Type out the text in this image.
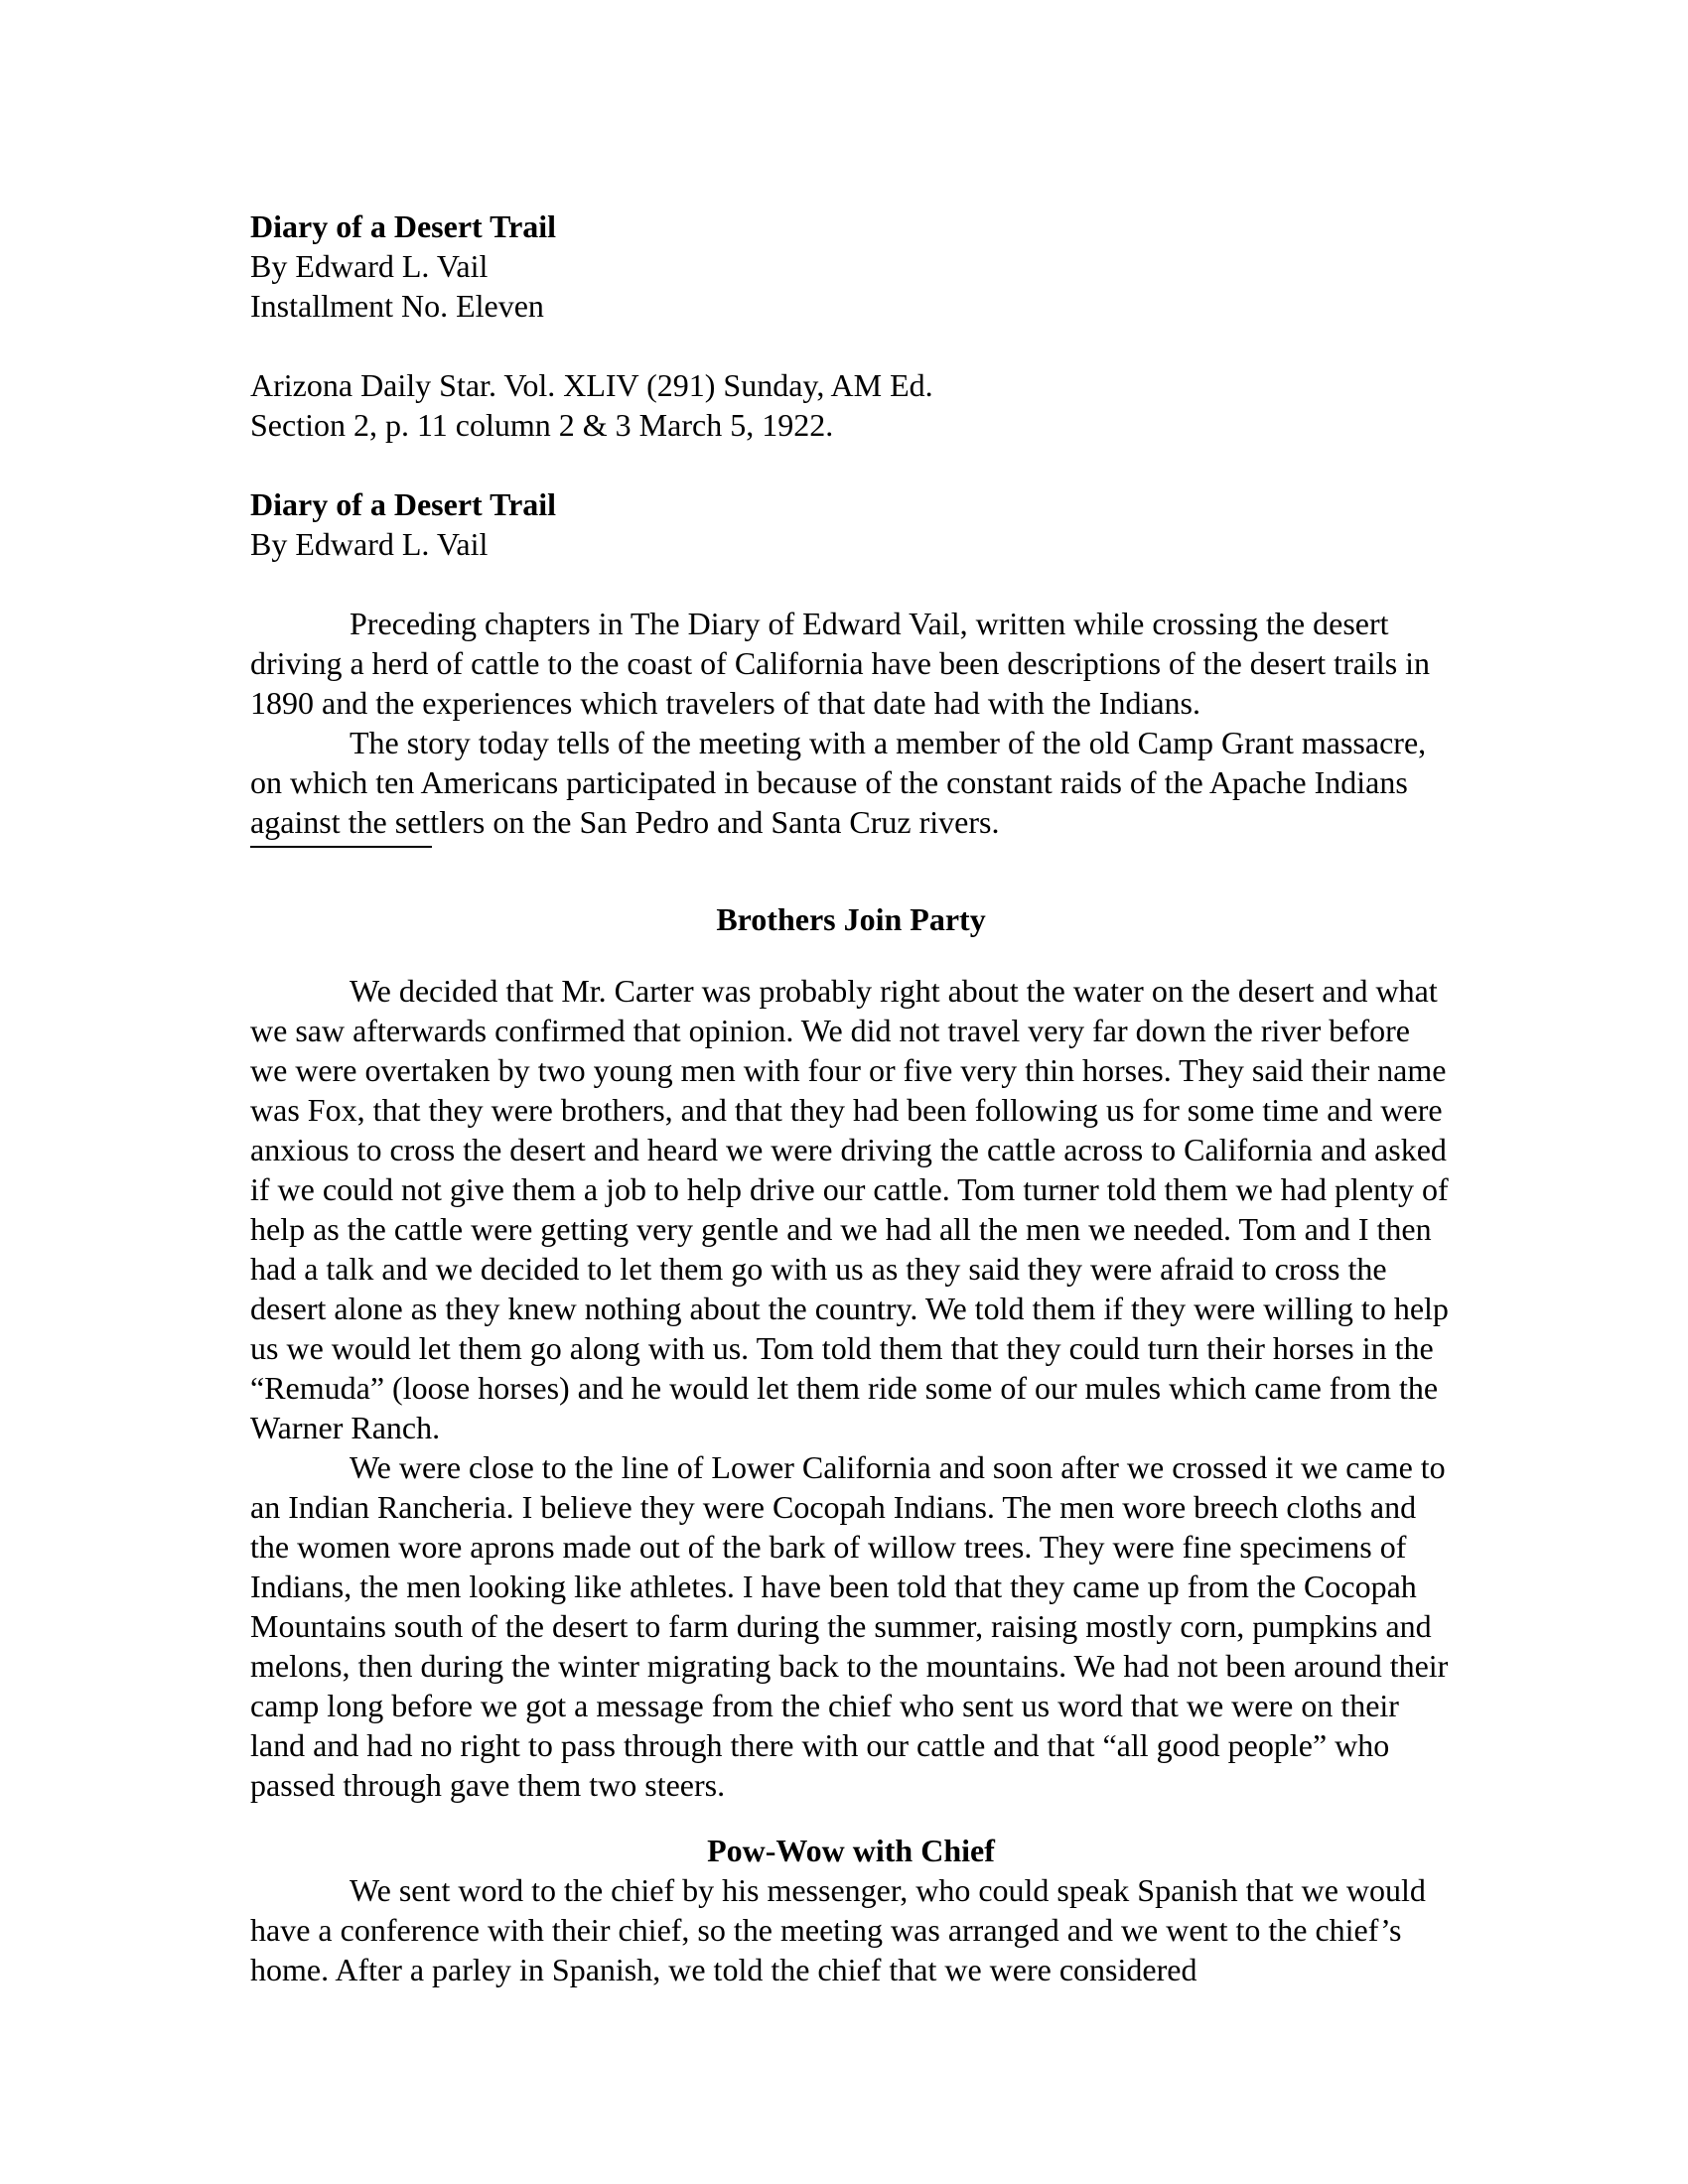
Diary of a Desert Trail
By Edward L. Vail
Installment No. Eleven
Arizona Daily Star. Vol. XLIV (291) Sunday, AM Ed.
Section 2, p. 11 column 2 & 3 March 5, 1922.
Diary of a Desert Trail
By Edward L. Vail

Preceding chapters in The Diary of Edward Vail, written while crossing the desert driving a herd of cattle to the coast of California have been descriptions of the desert trails in 1890 and the experiences which travelers of that date had with the Indians.

The story today tells of the meeting with a member of the old Camp Grant massacre, on which ten Americans participated in because of the constant raids of the Apache Indians against the settlers on the San Pedro and Santa Cruz rivers.

Brothers Join Party

We decided that Mr. Carter was probably right about the water on the desert and what we saw afterwards confirmed that opinion. We did not travel very far down the river before we were overtaken by two young men with four or five very thin horses. They said their name was Fox, that they were brothers, and that they had been following us for some time and were anxious to cross the desert and heard we were driving the cattle across to California and asked if we could not give them a job to help drive our cattle. Tom turner told them we had plenty of help as the cattle were getting very gentle and we had all the men we needed. Tom and I then had a talk and we decided to let them go with us as they said they were afraid to cross the desert alone as they knew nothing about the country. We told them if they were willing to help us we would let them go along with us. Tom told them that they could turn their horses in the “Remuda” (loose horses) and he would let them ride some of our mules which came from the Warner Ranch.

We were close to the line of Lower California and soon after we crossed it we came to an Indian Rancheria. I believe they were Cocopah Indians. The men wore breech cloths and the women wore aprons made out of the bark of willow trees. They were fine specimens of Indians, the men looking like athletes. I have been told that they came up from the Cocopah Mountains south of the desert to farm during the summer, raising mostly corn, pumpkins and melons, then during the winter migrating back to the mountains. We had not been around their camp long before we got a message from the chief who sent us word that we were on their land and had no right to pass through there with our cattle and that “all good people” who passed through gave them two steers.

Pow-Wow with Chief

We sent word to the chief by his messenger, who could speak Spanish that we would have a conference with their chief, so the meeting was arranged and we went to the chief’s home. After a parley in Spanish, we told the chief that we were considered
